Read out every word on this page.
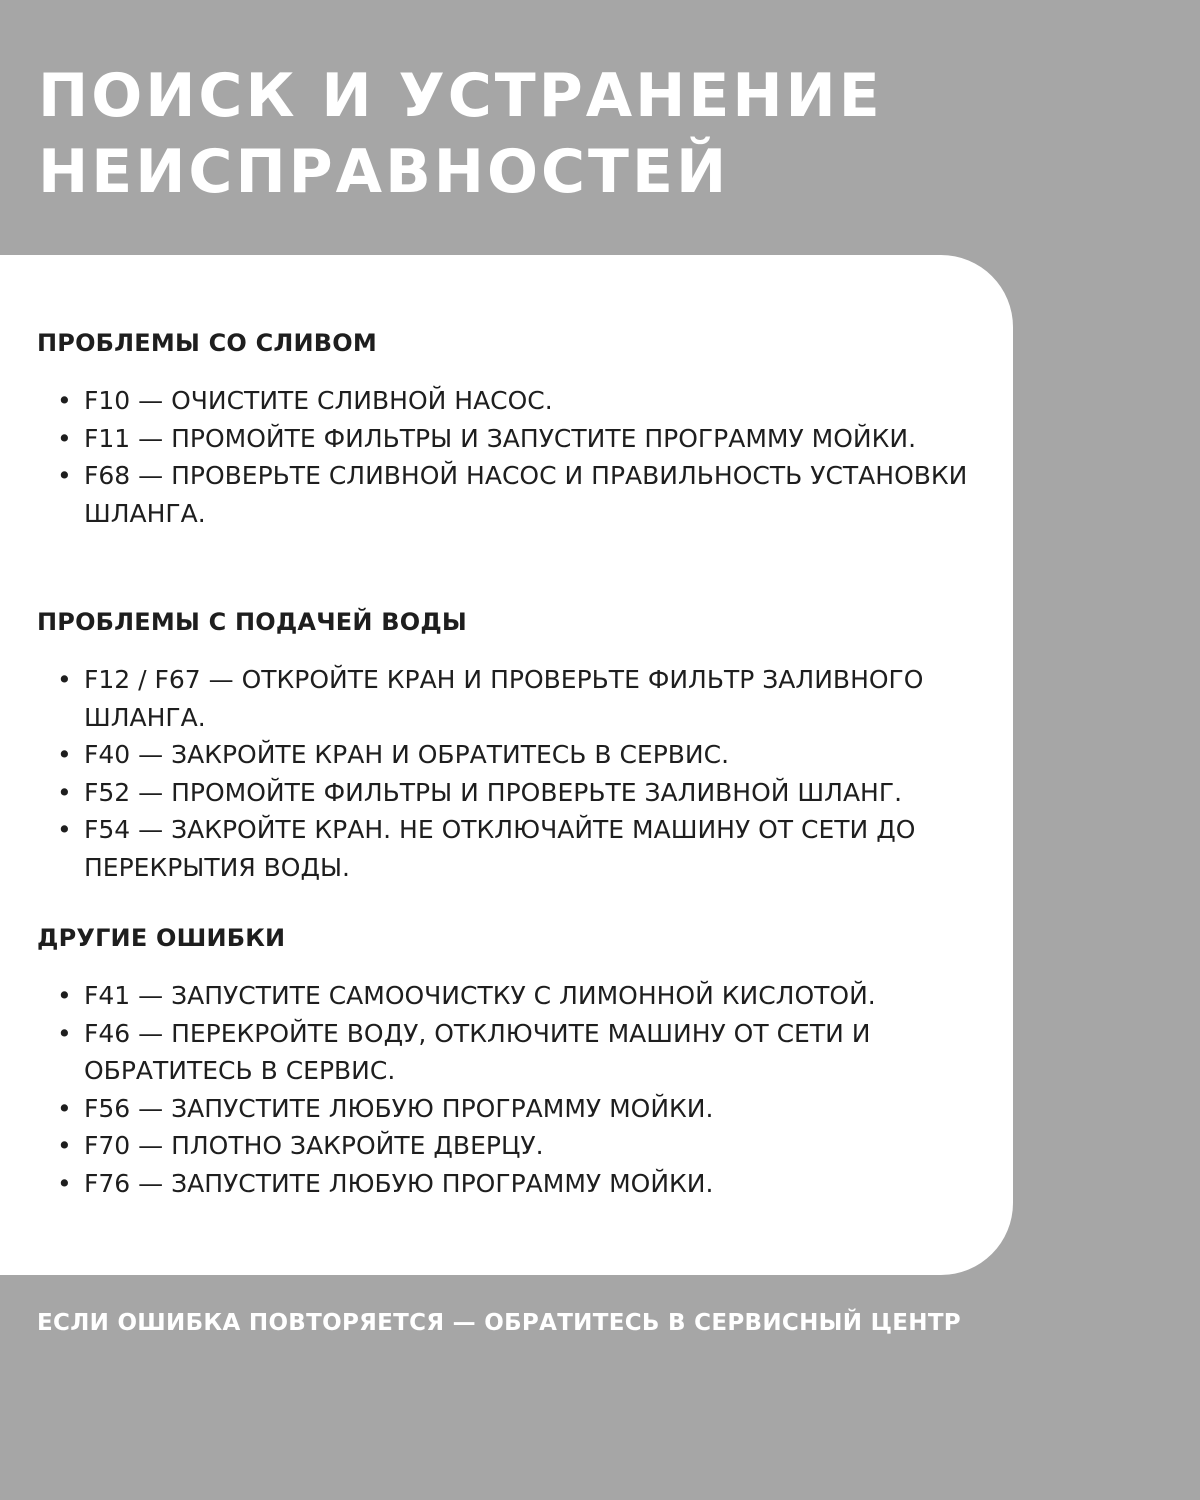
ПОИСК И УСТРАНЕНИЕ
НЕИСПРАВНОСТЕЙ
ПРОБЛЕМЫ СО СЛИВОМ
• F10 — ОЧИСТИТЕ СЛИВНОЙ НАСОС.
• F11 — ПРОМОЙТЕ ФИЛЬТРЫ И ЗАПУСТИТЕ ПРОГРАММУ МОЙКИ.
• F68 — ПРОВЕРЬТЕ СЛИВНОЙ НАСОС И ПРАВИЛЬНОСТЬ УСТАНОВКИ ШЛАНГА.
ПРОБЛЕМЫ С ПОДАЧЕЙ ВОДЫ
• F12 / F67 — ОТКРОЙТЕ КРАН И ПРОВЕРЬТЕ ФИЛЬТР ЗАЛИВНОГО ШЛАНГА.
• F40 — ЗАКРОЙТЕ КРАН И ОБРАТИТЕСЬ В СЕРВИС.
• F52 — ПРОМОЙТЕ ФИЛЬТРЫ И ПРОВЕРЬТЕ ЗАЛИВНОЙ ШЛАНГ.
• F54 — ЗАКРОЙТЕ КРАН. НЕ ОТКЛЮЧАЙТЕ МАШИНУ ОТ СЕТИ ДО ПЕРЕКРЫТИЯ ВОДЫ.
ДРУГИЕ ОШИБКИ
• F41 — ЗАПУСТИТЕ САМООЧИСТКУ С ЛИМОННОЙ КИСЛОТОЙ.
• F46 — ПЕРЕКРОЙТЕ ВОДУ, ОТКЛЮЧИТЕ МАШИНУ ОТ СЕТИ И ОБРАТИТЕСЬ В СЕРВИС.
• F56 — ЗАПУСТИТЕ ЛЮБУЮ ПРОГРАММУ МОЙКИ.
• F70 — ПЛОТНО ЗАКРОЙТЕ ДВЕРЦУ.
• F76 — ЗАПУСТИТЕ ЛЮБУЮ ПРОГРАММУ МОЙКИ.

ЕСЛИ ОШИБКА ПОВТОРЯЕТСЯ — ОБРАТИТЕСЬ В СЕРВИСНЫЙ ЦЕНТР
